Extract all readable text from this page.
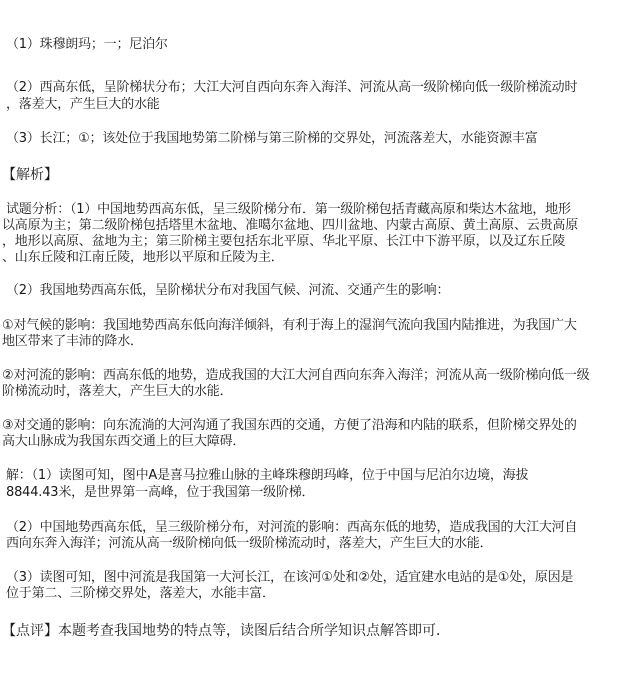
（1）珠穆朗玛；一；尼泊尔
（2）西高东低，呈阶梯状分布；大江大河自西向东奔入海洋、河流从高一级阶梯向低一级阶梯流动时
，落差大，产生巨大的水能
（3）长江；①；该处位于我国地势第二阶梯与第三阶梯的交界处，河流落差大，水能资源丰富
【解析】
试题分析：（1）中国地势西高东低，呈三级阶梯分布．第一级阶梯包括青藏高原和柴达木盆地，地形
以高原为主；第二级阶梯包括塔里木盆地、准噶尔盆地、四川盆地、内蒙古高原、黄土高原、云贵高原
，地形以高原、盆地为主；第三阶梯主要包括东北平原、华北平原、长江中下游平原，以及辽东丘陵
、山东丘陵和江南丘陵，地形以平原和丘陵为主．
（2）我国地势西高东低，呈阶梯状分布对我国气候、河流、交通产生的影响：
①对气候的影响：我国地势西高东低向海洋倾斜，有利于海上的湿润气流向我国内陆推进，为我国广大
地区带来了丰沛的降水．
②对河流的影响：西高东低的地势，造成我国的大江大河自西向东奔入海洋；河流从高一级阶梯向低一级
阶梯流动时，落差大，产生巨大的水能．
③对交通的影响：向东流淌的大河沟通了我国东西的交通，方便了沿海和内陆的联系，但阶梯交界处的
高大山脉成为我国东西交通上的巨大障碍．
解：（1）读图可知，图中A是喜马拉雅山脉的主峰珠穆朗玛峰，位于中国与尼泊尔边境，海拔
8844.43米，是世界第一高峰，位于我国第一级阶梯．
（2）中国地势西高东低，呈三级阶梯分布，对河流的影响：西高东低的地势，造成我国的大江大河自
西向东奔入海洋；河流从高一级阶梯向低一级阶梯流动时，落差大，产生巨大的水能．
（3）读图可知，图中河流是我国第一大河长江，在该河①处和②处，适宜建水电站的是①处，原因是
位于第二、三阶梯交界处，落差大，水能丰富．
【点评】本题考查我国地势的特点等，读图后结合所学知识点解答即可．
